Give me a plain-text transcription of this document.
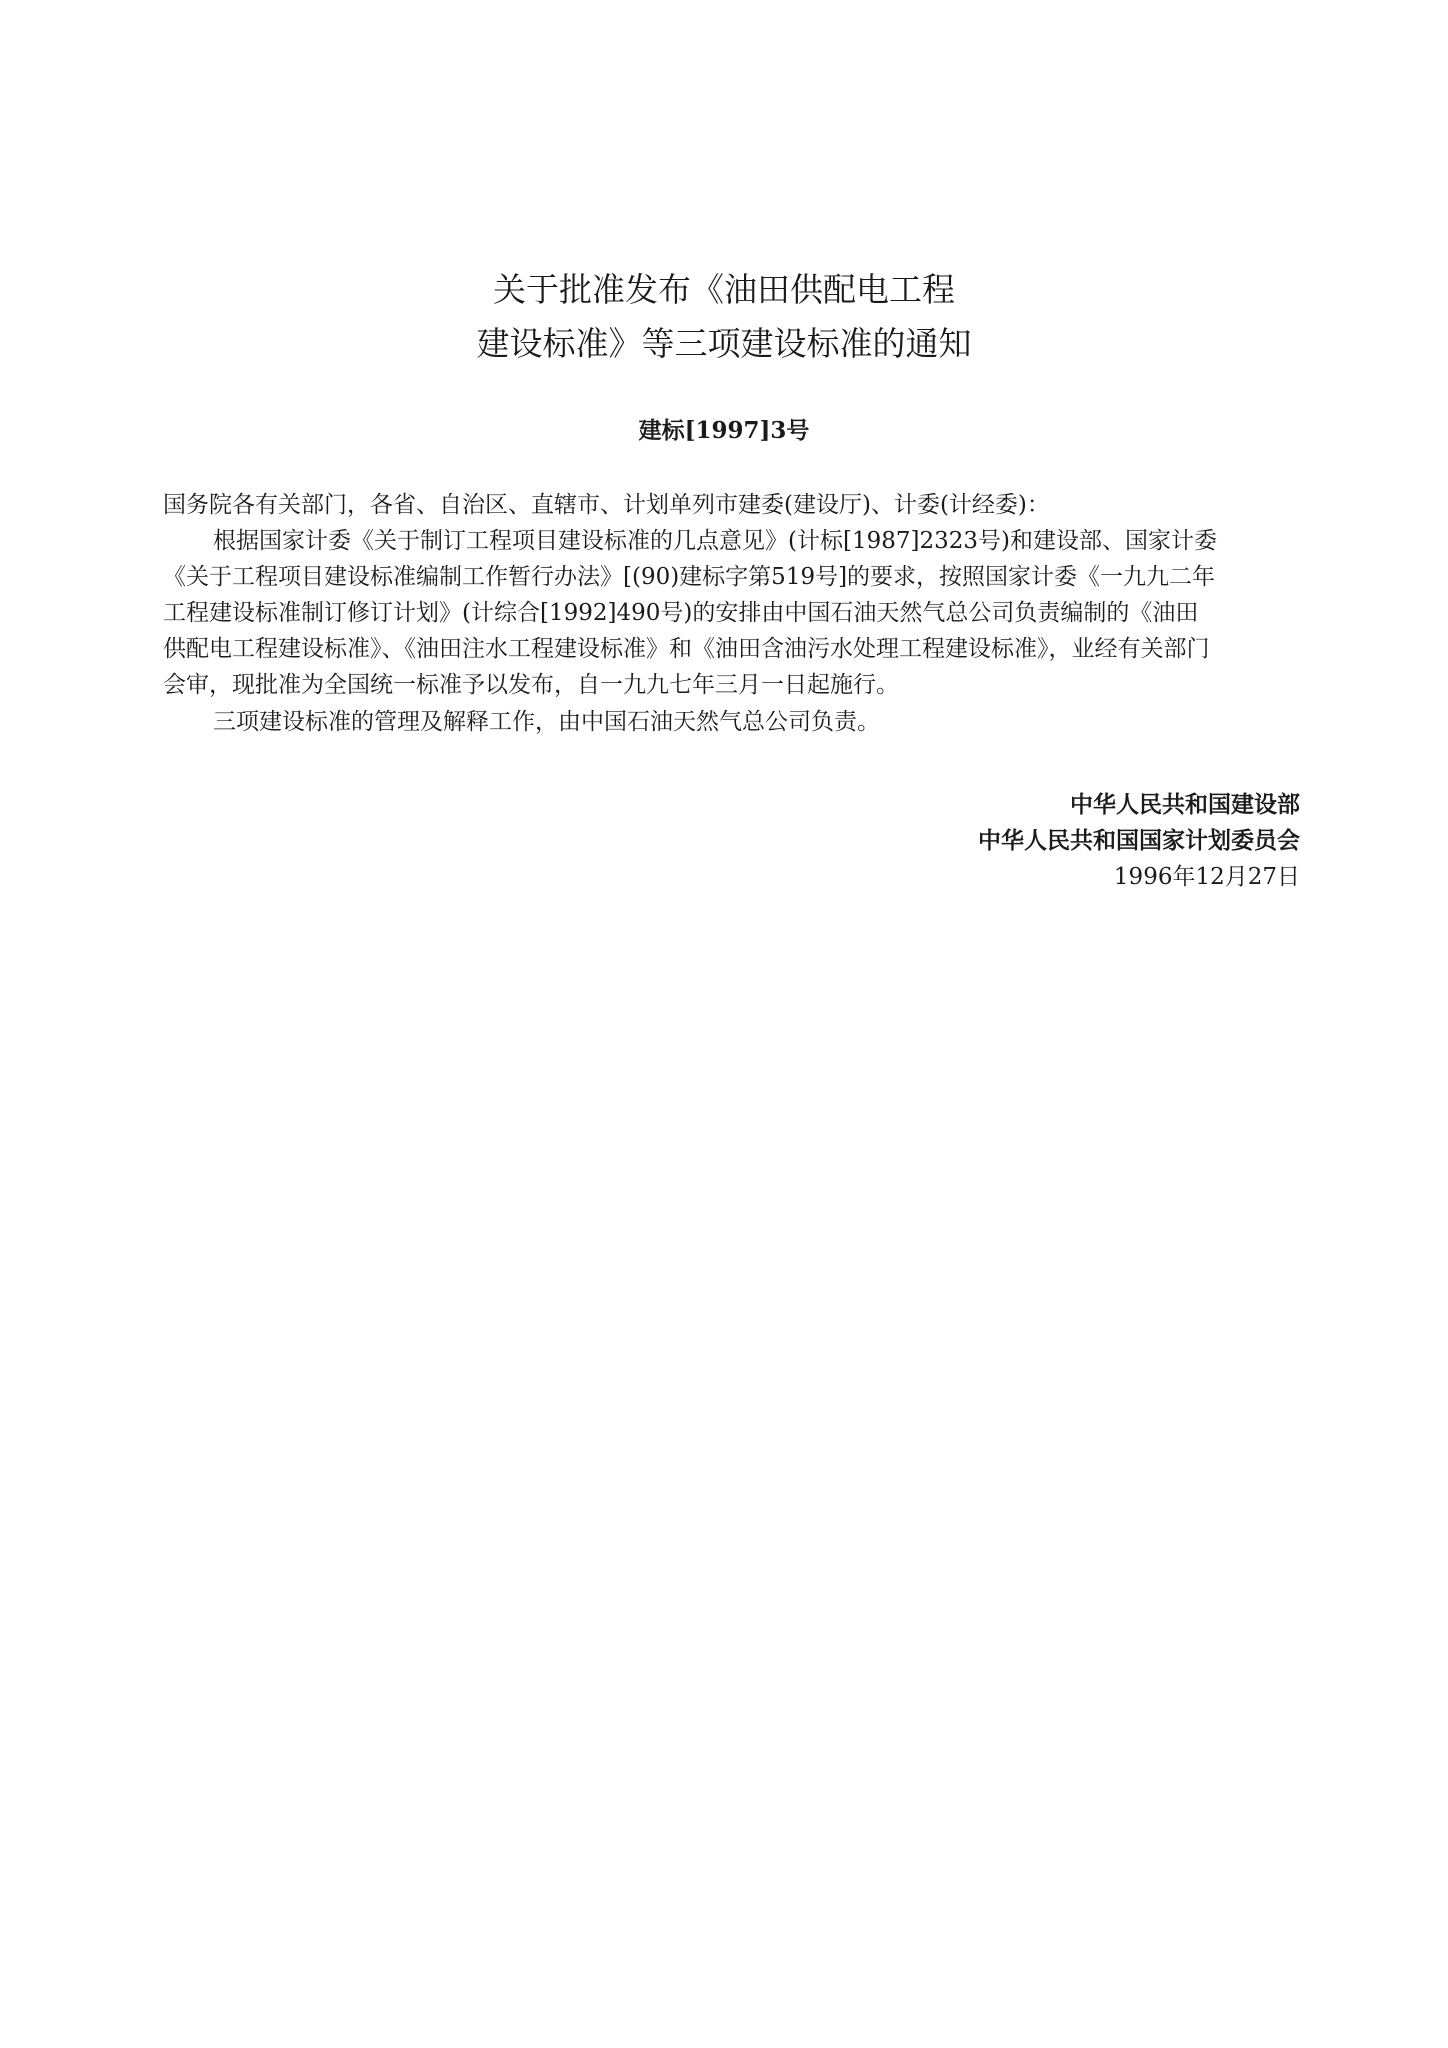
关于批准发布《油田供配电工程
建设标准》等三项建设标准的通知
建标[1997]3号
国务院各有关部门，各省、自治区、直辖市、计划单列市建委(建设厅)、计委(计经委)：
根据国家计委《关于制订工程项目建设标准的几点意见》(计标[1987]2323号)和建设部、国家计委
《关于工程项目建设标准编制工作暂行办法》[(90)建标字第519号]的要求，按照国家计委《一九九二年
工程建设标准制订修订计划》(计综合[1992]490号)的安排由中国石油天然气总公司负责编制的《油田
供配电工程建设标准》、《油田注水工程建设标准》和《油田含油污水处理工程建设标准》，业经有关部门
会审，现批准为全国统一标准予以发布，自一九九七年三月一日起施行。
三项建设标准的管理及解释工作，由中国石油天然气总公司负责。
中华人民共和国建设部
中华人民共和国国家计划委员会
1996年12月27日
